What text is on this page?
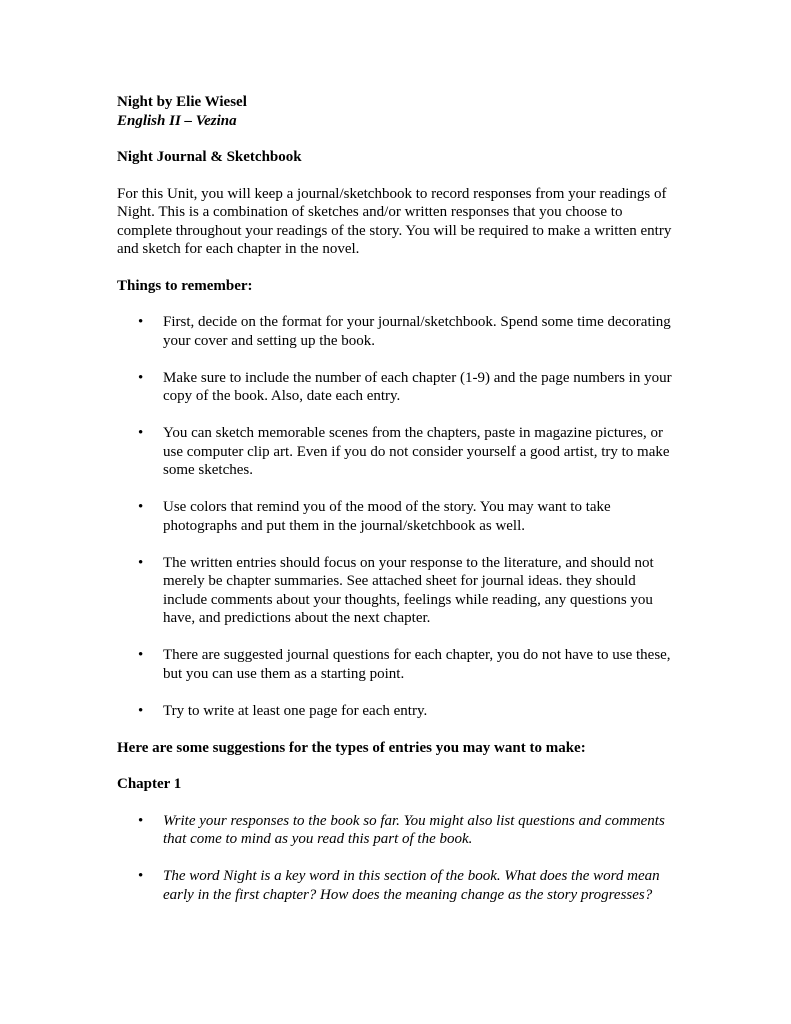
Night by Elie Wiesel

English II – Vezina

Night Journal & Sketchbook

For this Unit, you will keep a journal/sketchbook to record responses from your readings of Night. This is a combination of sketches and/or written responses that you choose to complete throughout your readings of the story. You will be required to make a written entry and sketch for each chapter in the novel.

Things to remember:

• First, decide on the format for your journal/sketchbook. Spend some time decorating your cover and setting up the book.
• Make sure to include the number of each chapter (1-9) and the page numbers in your copy of the book. Also, date each entry.
• You can sketch memorable scenes from the chapters, paste in magazine pictures, or use computer clip art. Even if you do not consider yourself a good artist, try to make some sketches.
• Use colors that remind you of the mood of the story. You may want to take photographs and put them in the journal/sketchbook as well.
• The written entries should focus on your response to the literature, and should not merely be chapter summaries. See attached sheet for journal ideas. they should include comments about your thoughts, feelings while reading, any questions you have, and predictions about the next chapter.
• There are suggested journal questions for each chapter, you do not have to use these, but you can use them as a starting point.
• Try to write at least one page for each entry.

Here are some suggestions for the types of entries you may want to make:

Chapter 1

• Write your responses to the book so far. You might also list questions and comments that come to mind as you read this part of the book.
• The word Night is a key word in this section of the book. What does the word mean early in the first chapter? How does the meaning change as the story progresses?
